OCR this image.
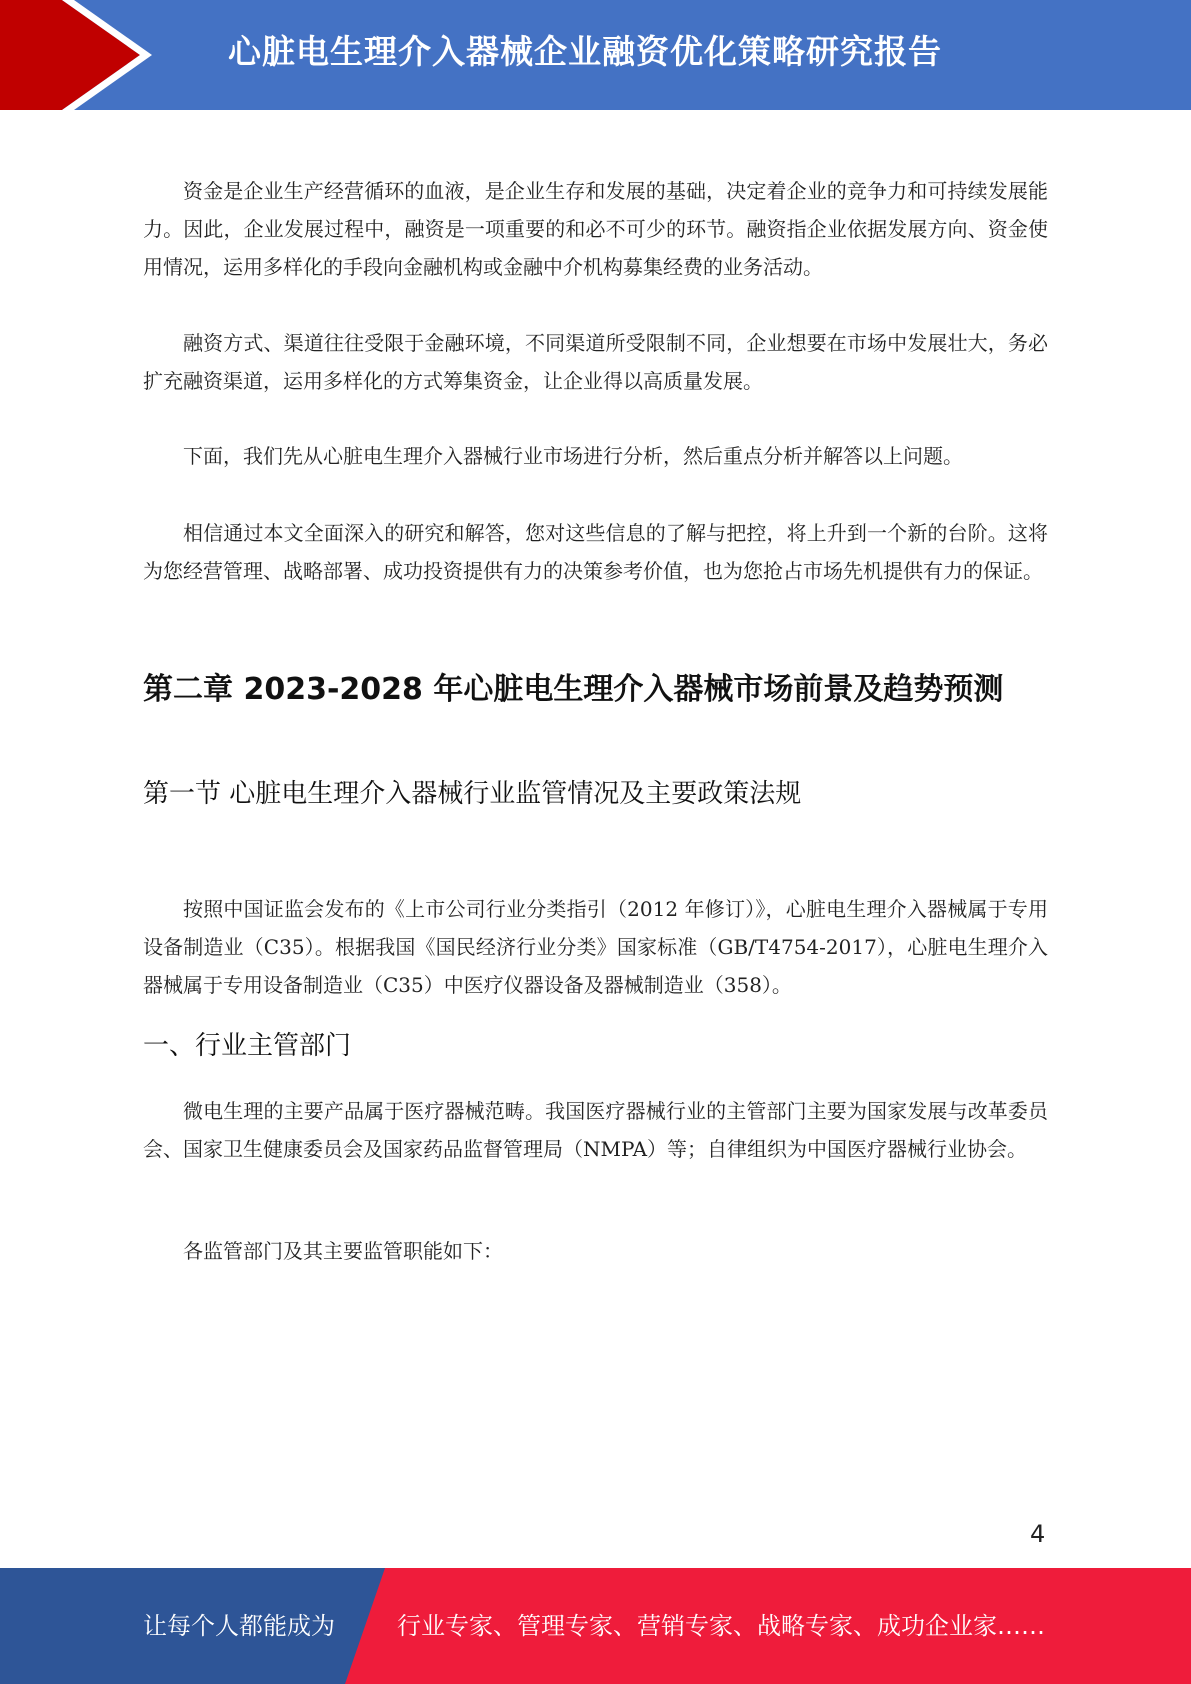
心脏电生理介入器械企业融资优化策略研究报告

资金是企业生产经营循环的血液，是企业生存和发展的基础，决定着企业的竞争力和可持续发展能力。因此，企业发展过程中，融资是一项重要的和必不可少的环节。融资指企业依据发展方向、资金使用情况，运用多样化的手段向金融机构或金融中介机构募集经费的业务活动。

融资方式、渠道往往受限于金融环境，不同渠道所受限制不同，企业想要在市场中发展壮大，务必扩充融资渠道，运用多样化的方式筹集资金，让企业得以高质量发展。

下面，我们先从心脏电生理介入器械行业市场进行分析，然后重点分析并解答以上问题。

相信通过本文全面深入的研究和解答，您对这些信息的了解与把控，将上升到一个新的台阶。这将为您经营管理、战略部署、成功投资提供有力的决策参考价值，也为您抢占市场先机提供有力的保证。

第二章 2023-2028 年心脏电生理介入器械市场前景及趋势预测
第一节 心脏电生理介入器械行业监管情况及主要政策法规

按照中国证监会发布的《上市公司行业分类指引（2012 年修订）》，心脏电生理介入器械属于专用设备制造业（C35）。根据我国《国民经济行业分类》国家标准（GB/T4754-2017），心脏电生理介入器械属于专用设备制造业（C35）中医疗仪器设备及器械制造业（358）。

一、行业主管部门

微电生理的主要产品属于医疗器械范畴。我国医疗器械行业的主管部门主要为国家发展与改革委员会、国家卫生健康委员会及国家药品监督管理局（NMPA）等；自律组织为中国医疗器械行业协会。

各监管部门及其主要监管职能如下：

4
让每个人都能成为	行业专家、管理专家、营销专家、战略专家、成功企业家……
